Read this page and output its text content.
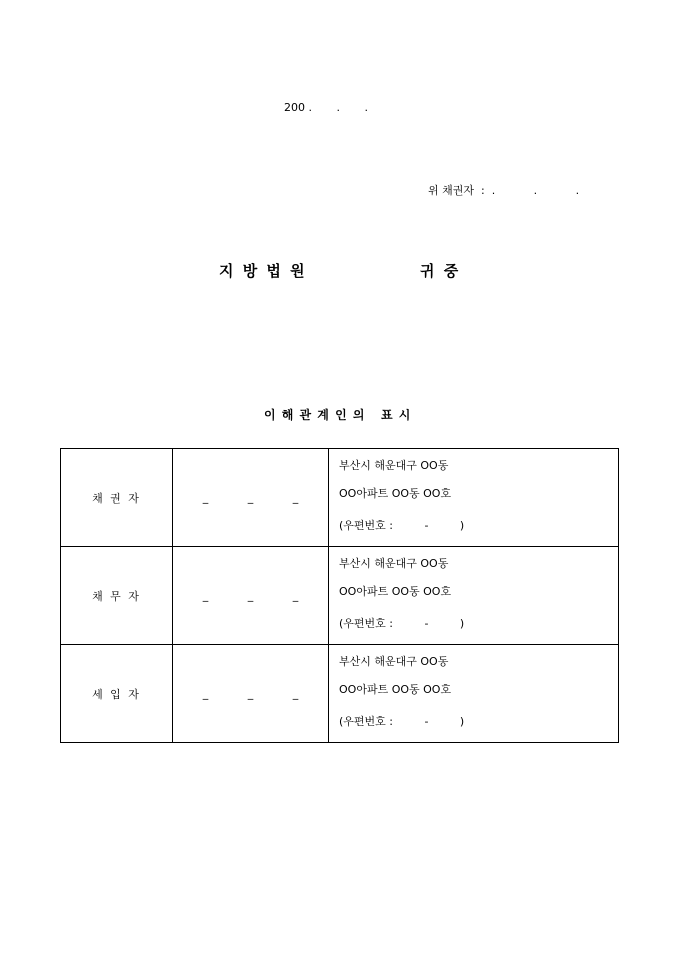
200 .       .       .
위 채권자  :  .           .           .
지 방 법 원	귀 중
이 해 관 계 인 의   표 시
채 권 자	_ _ _	부산시 해운대구 OO동
OO아파트 OO동 OO호
(우편번호 :         -         )

채 무 자	_ _ _	부산시 해운대구 OO동
OO아파트 OO동 OO호
(우편번호 :         -         )

세 입 자	_ _ _	부산시 해운대구 OO동
OO아파트 OO동 OO호
(우편번호 :         -         )
